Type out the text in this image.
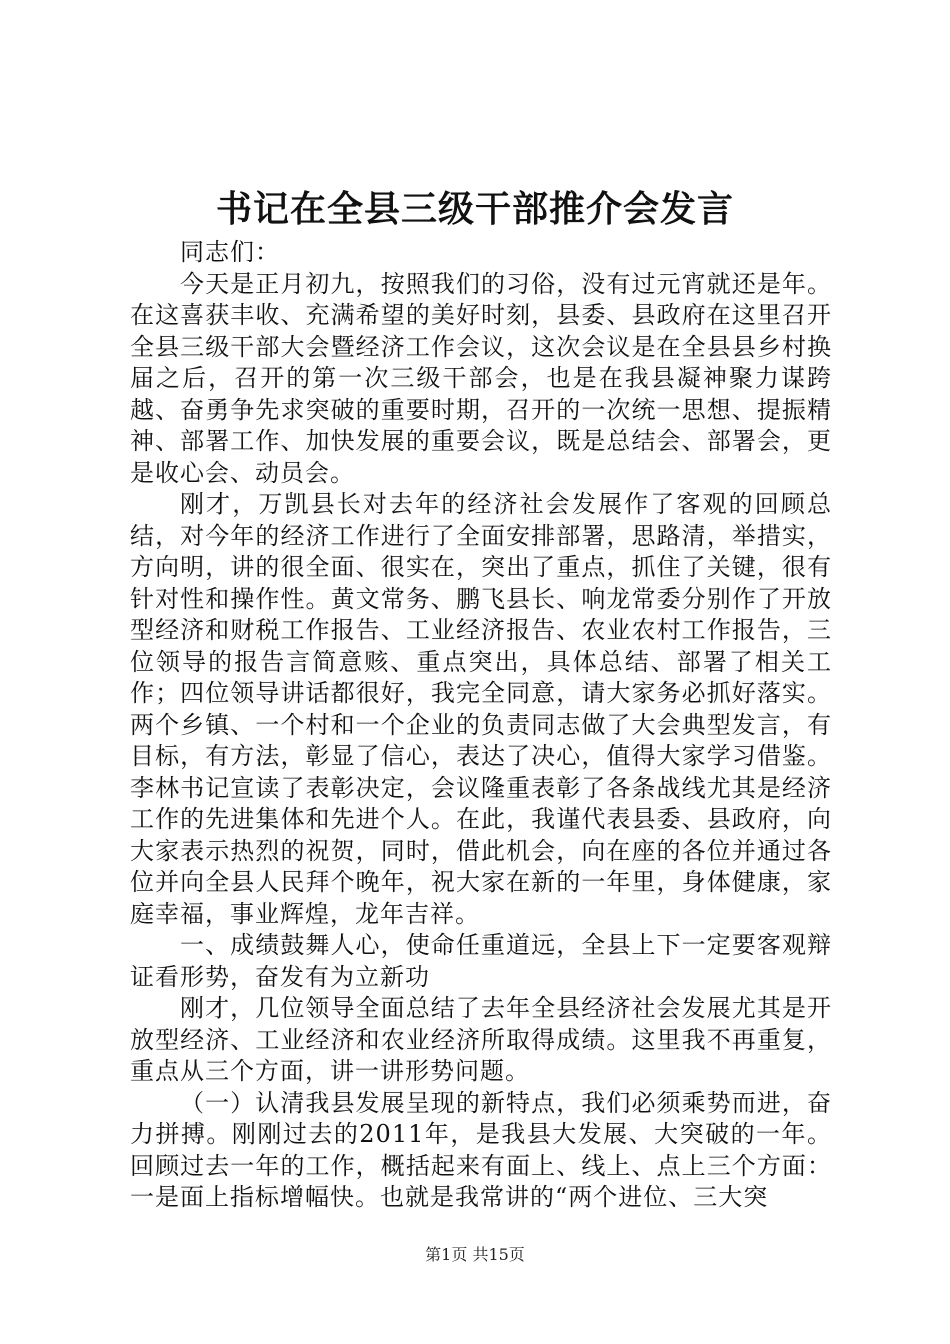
书记在全县三级干部推介会发言

同志们：

今天是正月初九，按照我们的习俗，没有过元宵就还是年。在这喜获丰收、充满希望的美好时刻，县委、县政府在这里召开全县三级干部大会暨经济工作会议，这次会议是在全县县乡村换届之后，召开的第一次三级干部会，也是在我县凝神聚力谋跨越、奋勇争先求突破的重要时期，召开的一次统一思想、提振精神、部署工作、加快发展的重要会议，既是总结会、部署会，更是收心会、动员会。

刚才，万凯县长对去年的经济社会发展作了客观的回顾总结，对今年的经济工作进行了全面安排部署，思路清，举措实，方向明，讲的很全面、很实在，突出了重点，抓住了关键，很有针对性和操作性。黄文常务、鹏飞县长、响龙常委分别作了开放型经济和财税工作报告、工业经济报告、农业农村工作报告，三位领导的报告言简意赅、重点突出，具体总结、部署了相关工作；四位领导讲话都很好，我完全同意，请大家务必抓好落实。两个乡镇、一个村和一个企业的负责同志做了大会典型发言，有目标，有方法，彰显了信心，表达了决心，值得大家学习借鉴。李林书记宣读了表彰决定，会议隆重表彰了各条战线尤其是经济工作的先进集体和先进个人。在此，我谨代表县委、县政府，向大家表示热烈的祝贺，同时，借此机会，向在座的各位并通过各位并向全县人民拜个晚年，祝大家在新的一年里，身体健康，家庭幸福，事业辉煌，龙年吉祥。

一、成绩鼓舞人心，使命任重道远，全县上下一定要客观辩证看形势，奋发有为立新功

刚才，几位领导全面总结了去年全县经济社会发展尤其是开放型经济、工业经济和农业经济所取得成绩。这里我不再重复，重点从三个方面，讲一讲形势问题。

（一）认清我县发展呈现的新特点，我们必须乘势而进，奋力拼搏。刚刚过去的2011年，是我县大发展、大突破的一年。回顾过去一年的工作，概括起来有面上、线上、点上三个方面：一是面上指标增幅快。也就是我常讲的“两个进位、三大突

第1页 共15页
